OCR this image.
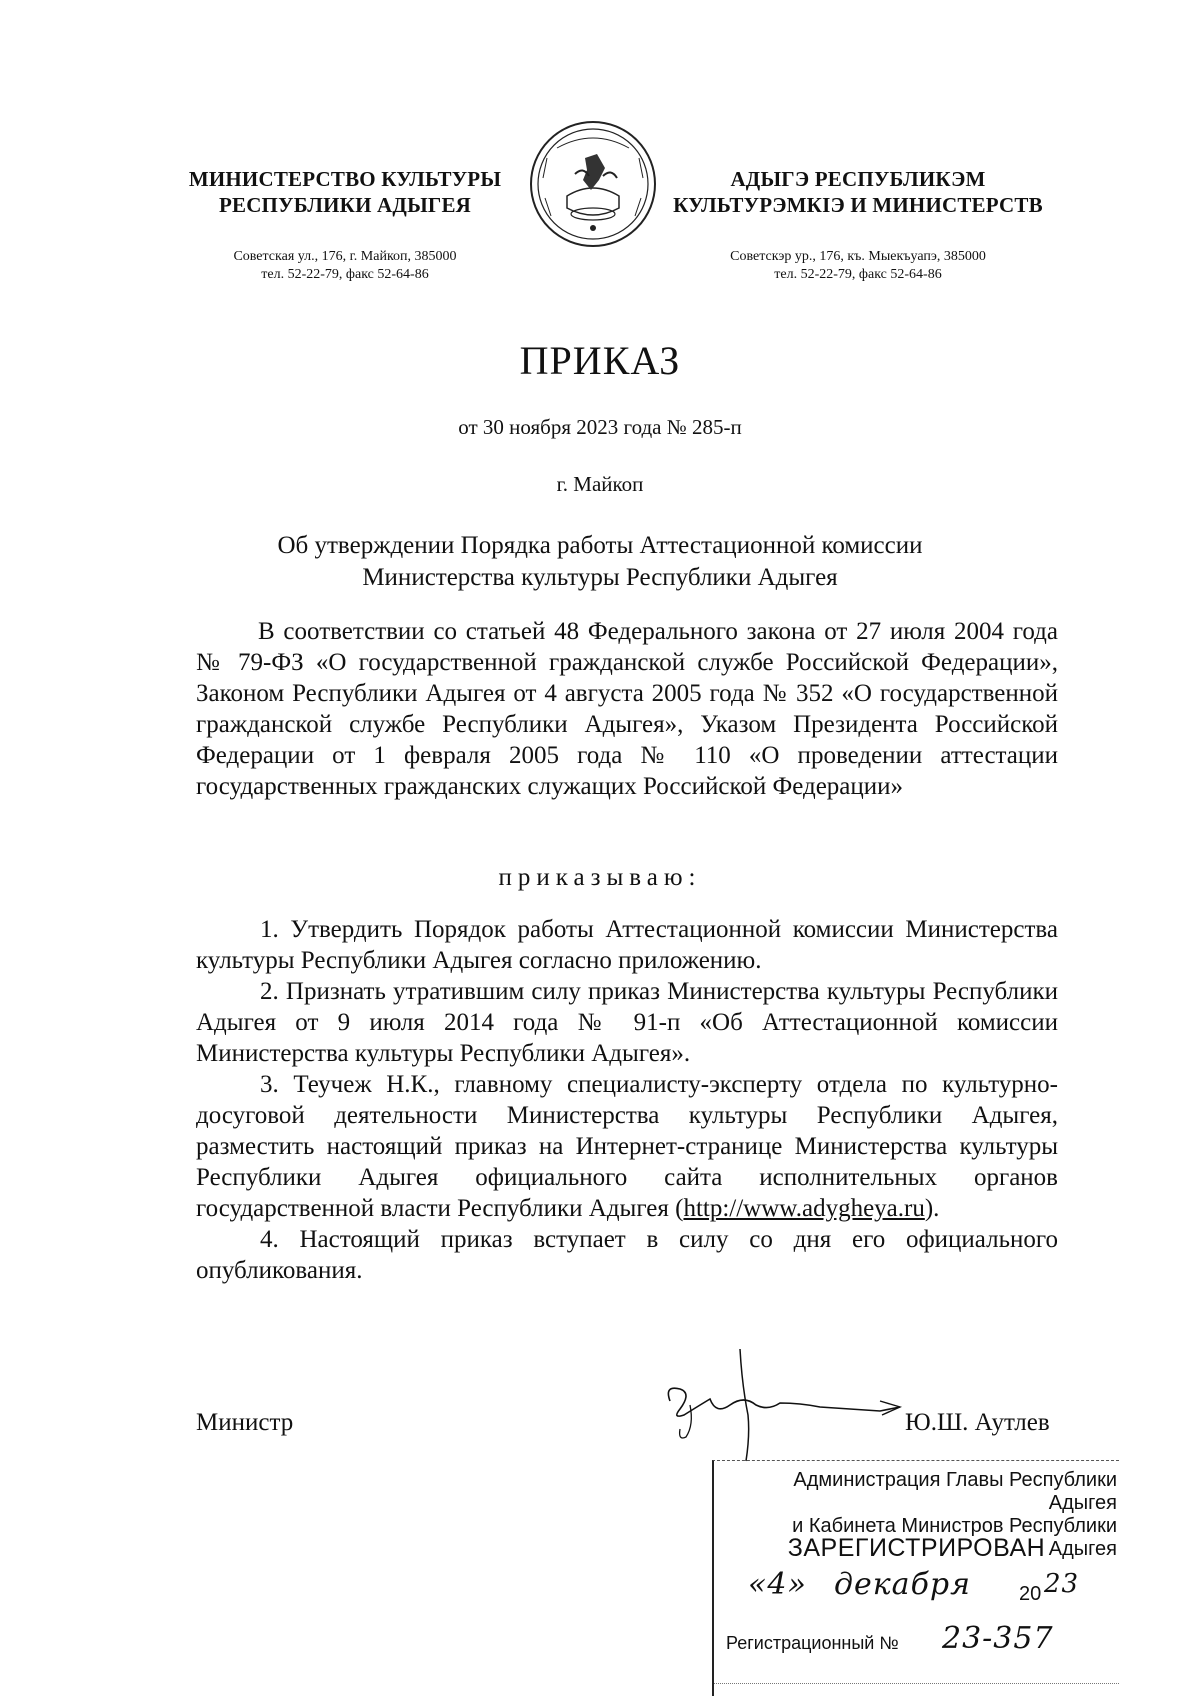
МИНИСТЕРСТВО КУЛЬТУРЫ
РЕСПУБЛИКИ АДЫГЕЯ
Советская ул., 176, г. Майкоп, 385000
тел. 52-22-79, факс 52-64-86
АДЫГЭ РЕСПУБЛИКЭМ
КУЛЬТУРЭМКIЭ И МИНИСТЕРСТВ
Советскэр ур., 176, къ. Мыекъуапэ, 385000
тел. 52-22-79, факс 52-64-86
ПРИКАЗ
от 30 ноября 2023 года № 285-п
г. Майкоп
Об утверждении Порядка работы Аттестационной комиссии
Министерства культуры Республики Адыгея

В соответствии со статьей 48 Федерального закона от 27 июля 2004 года № 79-ФЗ «О государственной гражданской службе Российской Федерации», Законом Республики Адыгея от 4 августа 2005 года № 352 «О государственной гражданской службе Республики Адыгея», Указом Президента Российской Федерации от 1 февраля 2005 года № 110 «О проведении аттестации государственных гражданских служащих Российской Федерации»

приказываю:

1. Утвердить Порядок работы Аттестационной комиссии Министерства культуры Республики Адыгея согласно приложению.

2. Признать утратившим силу приказ Министерства культуры Республики Адыгея от 9 июля 2014 года № 91-п «Об Аттестационной комиссии Министерства культуры Республики Адыгея».

3. Теучеж Н.К., главному специалисту-эксперту отдела по культурно-досуговой деятельности Министерства культуры Республики Адыгея, разместить настоящий приказ на Интернет-странице Министерства культуры Республики Адыгея официального сайта исполнительных органов государственной власти Республики Адыгея (http://www.adygheya.ru).

4. Настоящий приказ вступает в силу со дня его официального опубликования.

Министр	Ю.Ш. Аутлев
Администрация Главы Республики Адыгея
и Кабинета Министров Республики Адыгея
ЗАРЕГИСТРИРОВАН
«4» декабря 20 23
Регистрационный № 23-357
